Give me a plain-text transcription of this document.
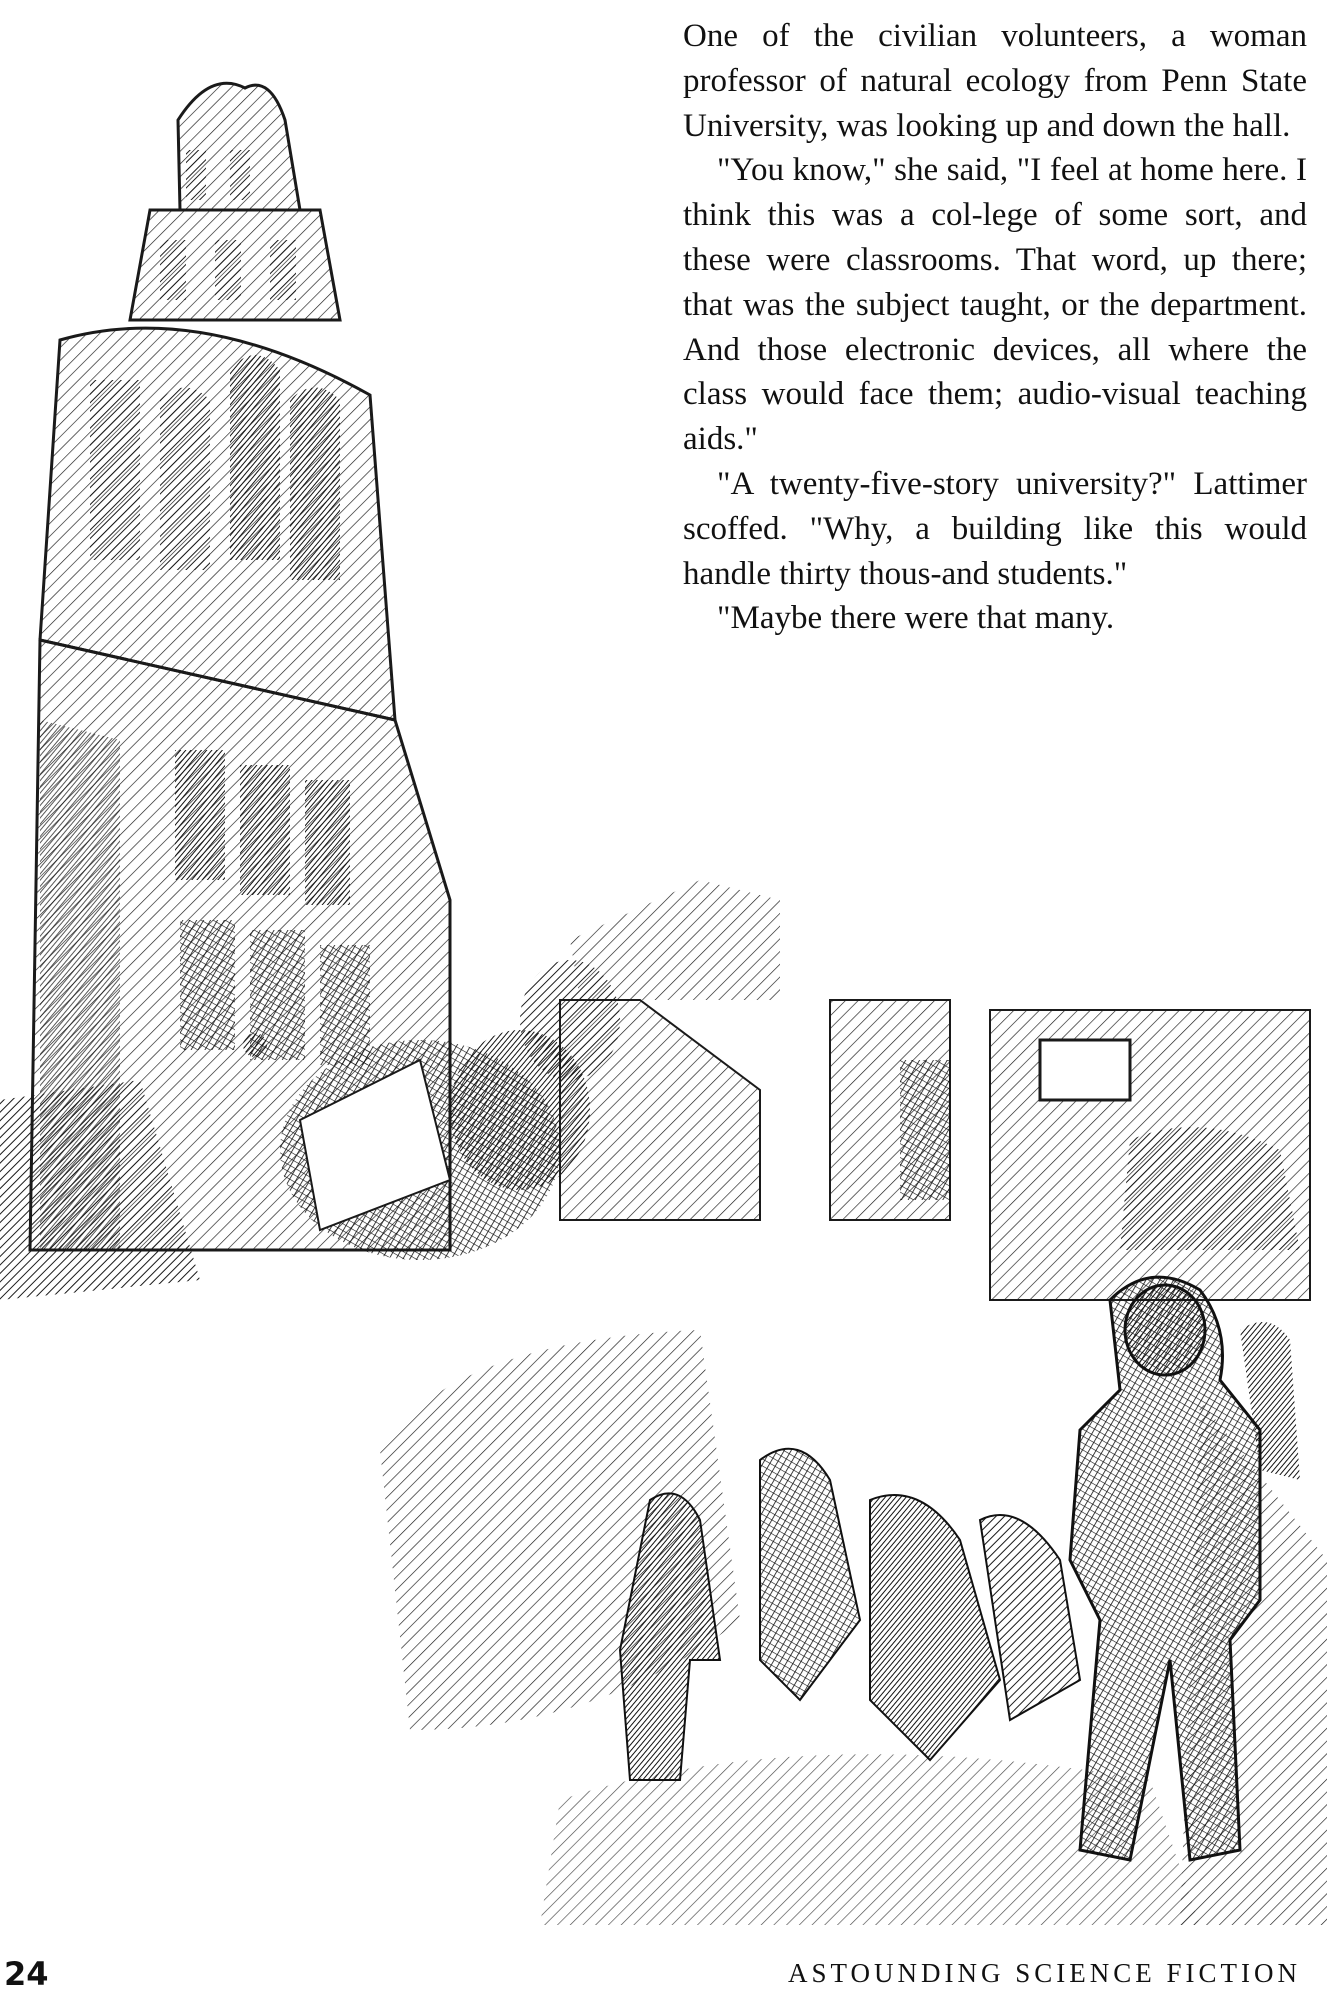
One of the civilian volunteers, a woman professor of natural ecology from Penn State University, was looking up and down the hall.

"You know," she said, "I feel at home here. I think this was a col-lege of some sort, and these were classrooms. That word, up there; that was the subject taught, or the department. And those electronic devices, all where the class would face them; audio-visual teaching aids."

"A twenty-five-story university?" Lattimer scoffed. "Why, a building like this would handle thirty thous-and students."

"Maybe there were that many.

24	ASTOUNDING SCIENCE FICTION
